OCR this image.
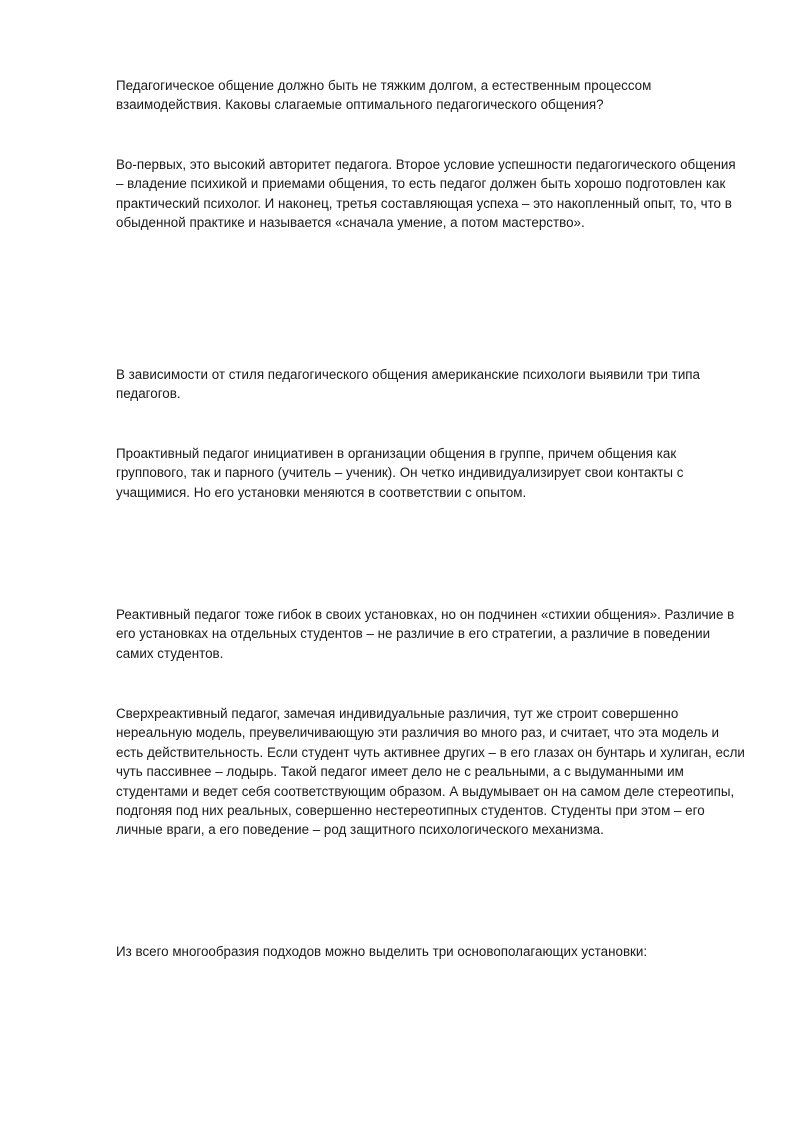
Педагогическое общение должно быть не тяжким долгом, а естественным процессом
взаимодействия. Каковы слагаемые оптимального педагогического общения?

Во-первых, это высокий авторитет педагога. Второе условие успешности педагогического общения
– владение психикой и приемами общения, то есть педагог должен быть хорошо подготовлен как
практический психолог. И наконец, третья составляющая успеха – это накопленный опыт, то, что в
обыденной практике и называется «сначала умение, а потом мастерство».

В зависимости от стиля педагогического общения американские психологи выявили три типа
педагогов.

Проактивный педагог инициативен в организации общения в группе, причем общения как
группового, так и парного (учитель – ученик). Он четко индивидуализирует свои контакты с
учащимися. Но его установки меняются в соответствии с опытом.

Реактивный педагог тоже гибок в своих установках, но он подчинен «стихии общения». Различие в
его установках на отдельных студентов – не различие в его стратегии, а различие в поведении
самих студентов.

Сверхреактивный педагог, замечая индивидуальные различия, тут же строит совершенно
нереальную модель, преувеличивающую эти различия во много раз, и считает, что эта модель и
есть действительность. Если студент чуть активнее других – в его глазах он бунтарь и хулиган, если
чуть пассивнее – лодырь. Такой педагог имеет дело не с реальными, а с выдуманными им
студентами и ведет себя соответствующим образом. А выдумывает он на самом деле стереотипы,
подгоняя под них реальных, совершенно нестереотипных студентов. Студенты при этом – его
личные враги, а его поведение – род защитного психологического механизма.

Из всего многообразия подходов можно выделить три основополагающих установки:
